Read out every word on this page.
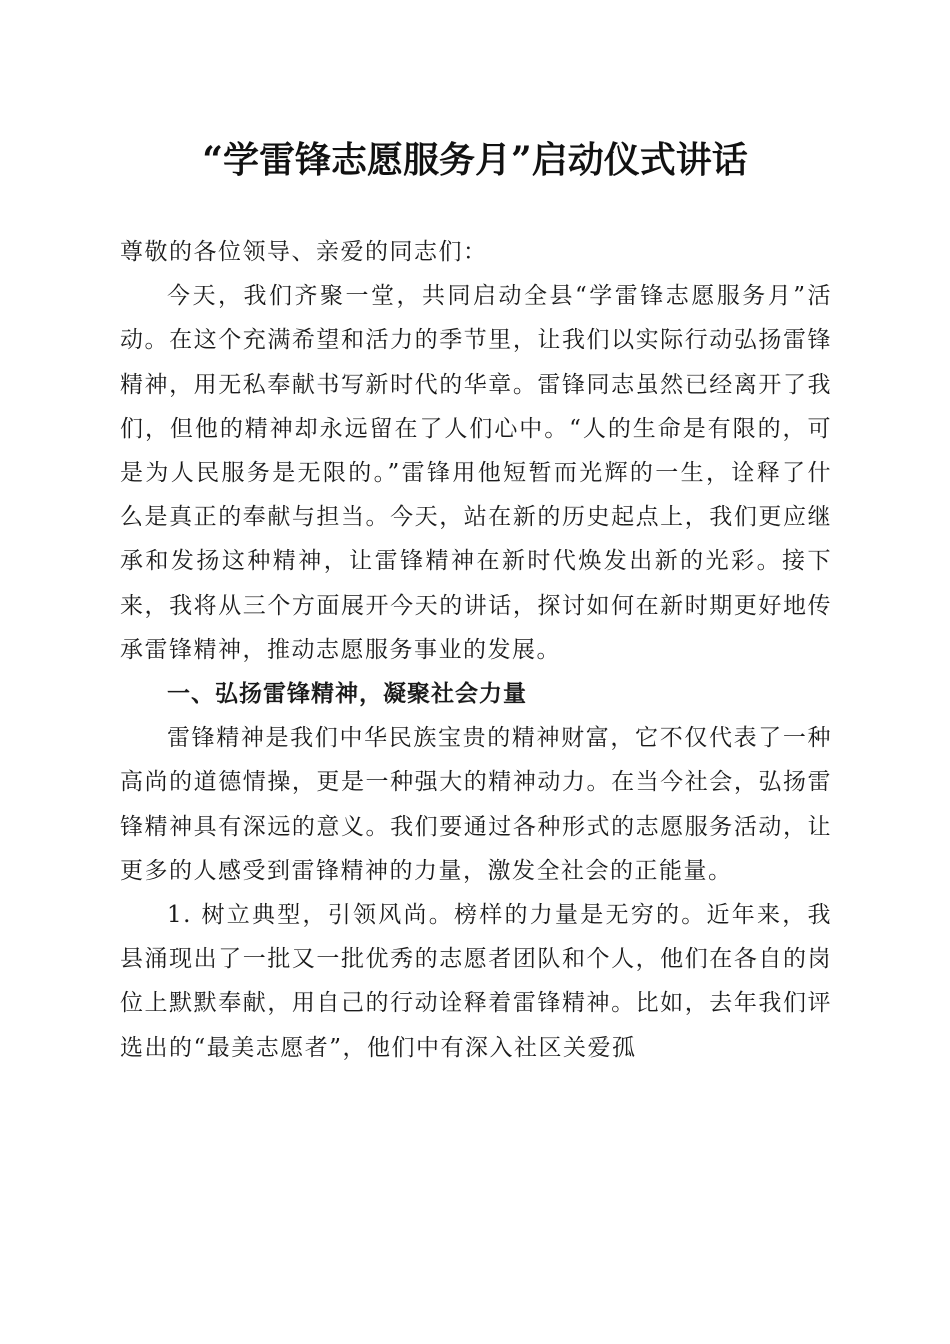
“学雷锋志愿服务月”启动仪式讲话

尊敬的各位领导、亲爱的同志们：

今天，我们齐聚一堂，共同启动全县“学雷锋志愿服务月”活动。在这个充满希望和活力的季节里，让我们以实际行动弘扬雷锋精神，用无私奉献书写新时代的华章。雷锋同志虽然已经离开了我们，但他的精神却永远留在了人们心中。“人的生命是有限的，可是为人民服务是无限的。”雷锋用他短暂而光辉的一生，诠释了什么是真正的奉献与担当。今天，站在新的历史起点上，我们更应继承和发扬这种精神，让雷锋精神在新时代焕发出新的光彩。接下来，我将从三个方面展开今天的讲话，探讨如何在新时期更好地传承雷锋精神，推动志愿服务事业的发展。

一、弘扬雷锋精神，凝聚社会力量

雷锋精神是我们中华民族宝贵的精神财富，它不仅代表了一种高尚的道德情操，更是一种强大的精神动力。在当今社会，弘扬雷锋精神具有深远的意义。我们要通过各种形式的志愿服务活动，让更多的人感受到雷锋精神的力量，激发全社会的正能量。

1. 树立典型，引领风尚。榜样的力量是无穷的。近年来，我县涌现出了一批又一批优秀的志愿者团队和个人，他们在各自的岗位上默默奉献，用自己的行动诠释着雷锋精神。比如，去年我们评选出的“最美志愿者”，他们中有深入社区关爱孤
